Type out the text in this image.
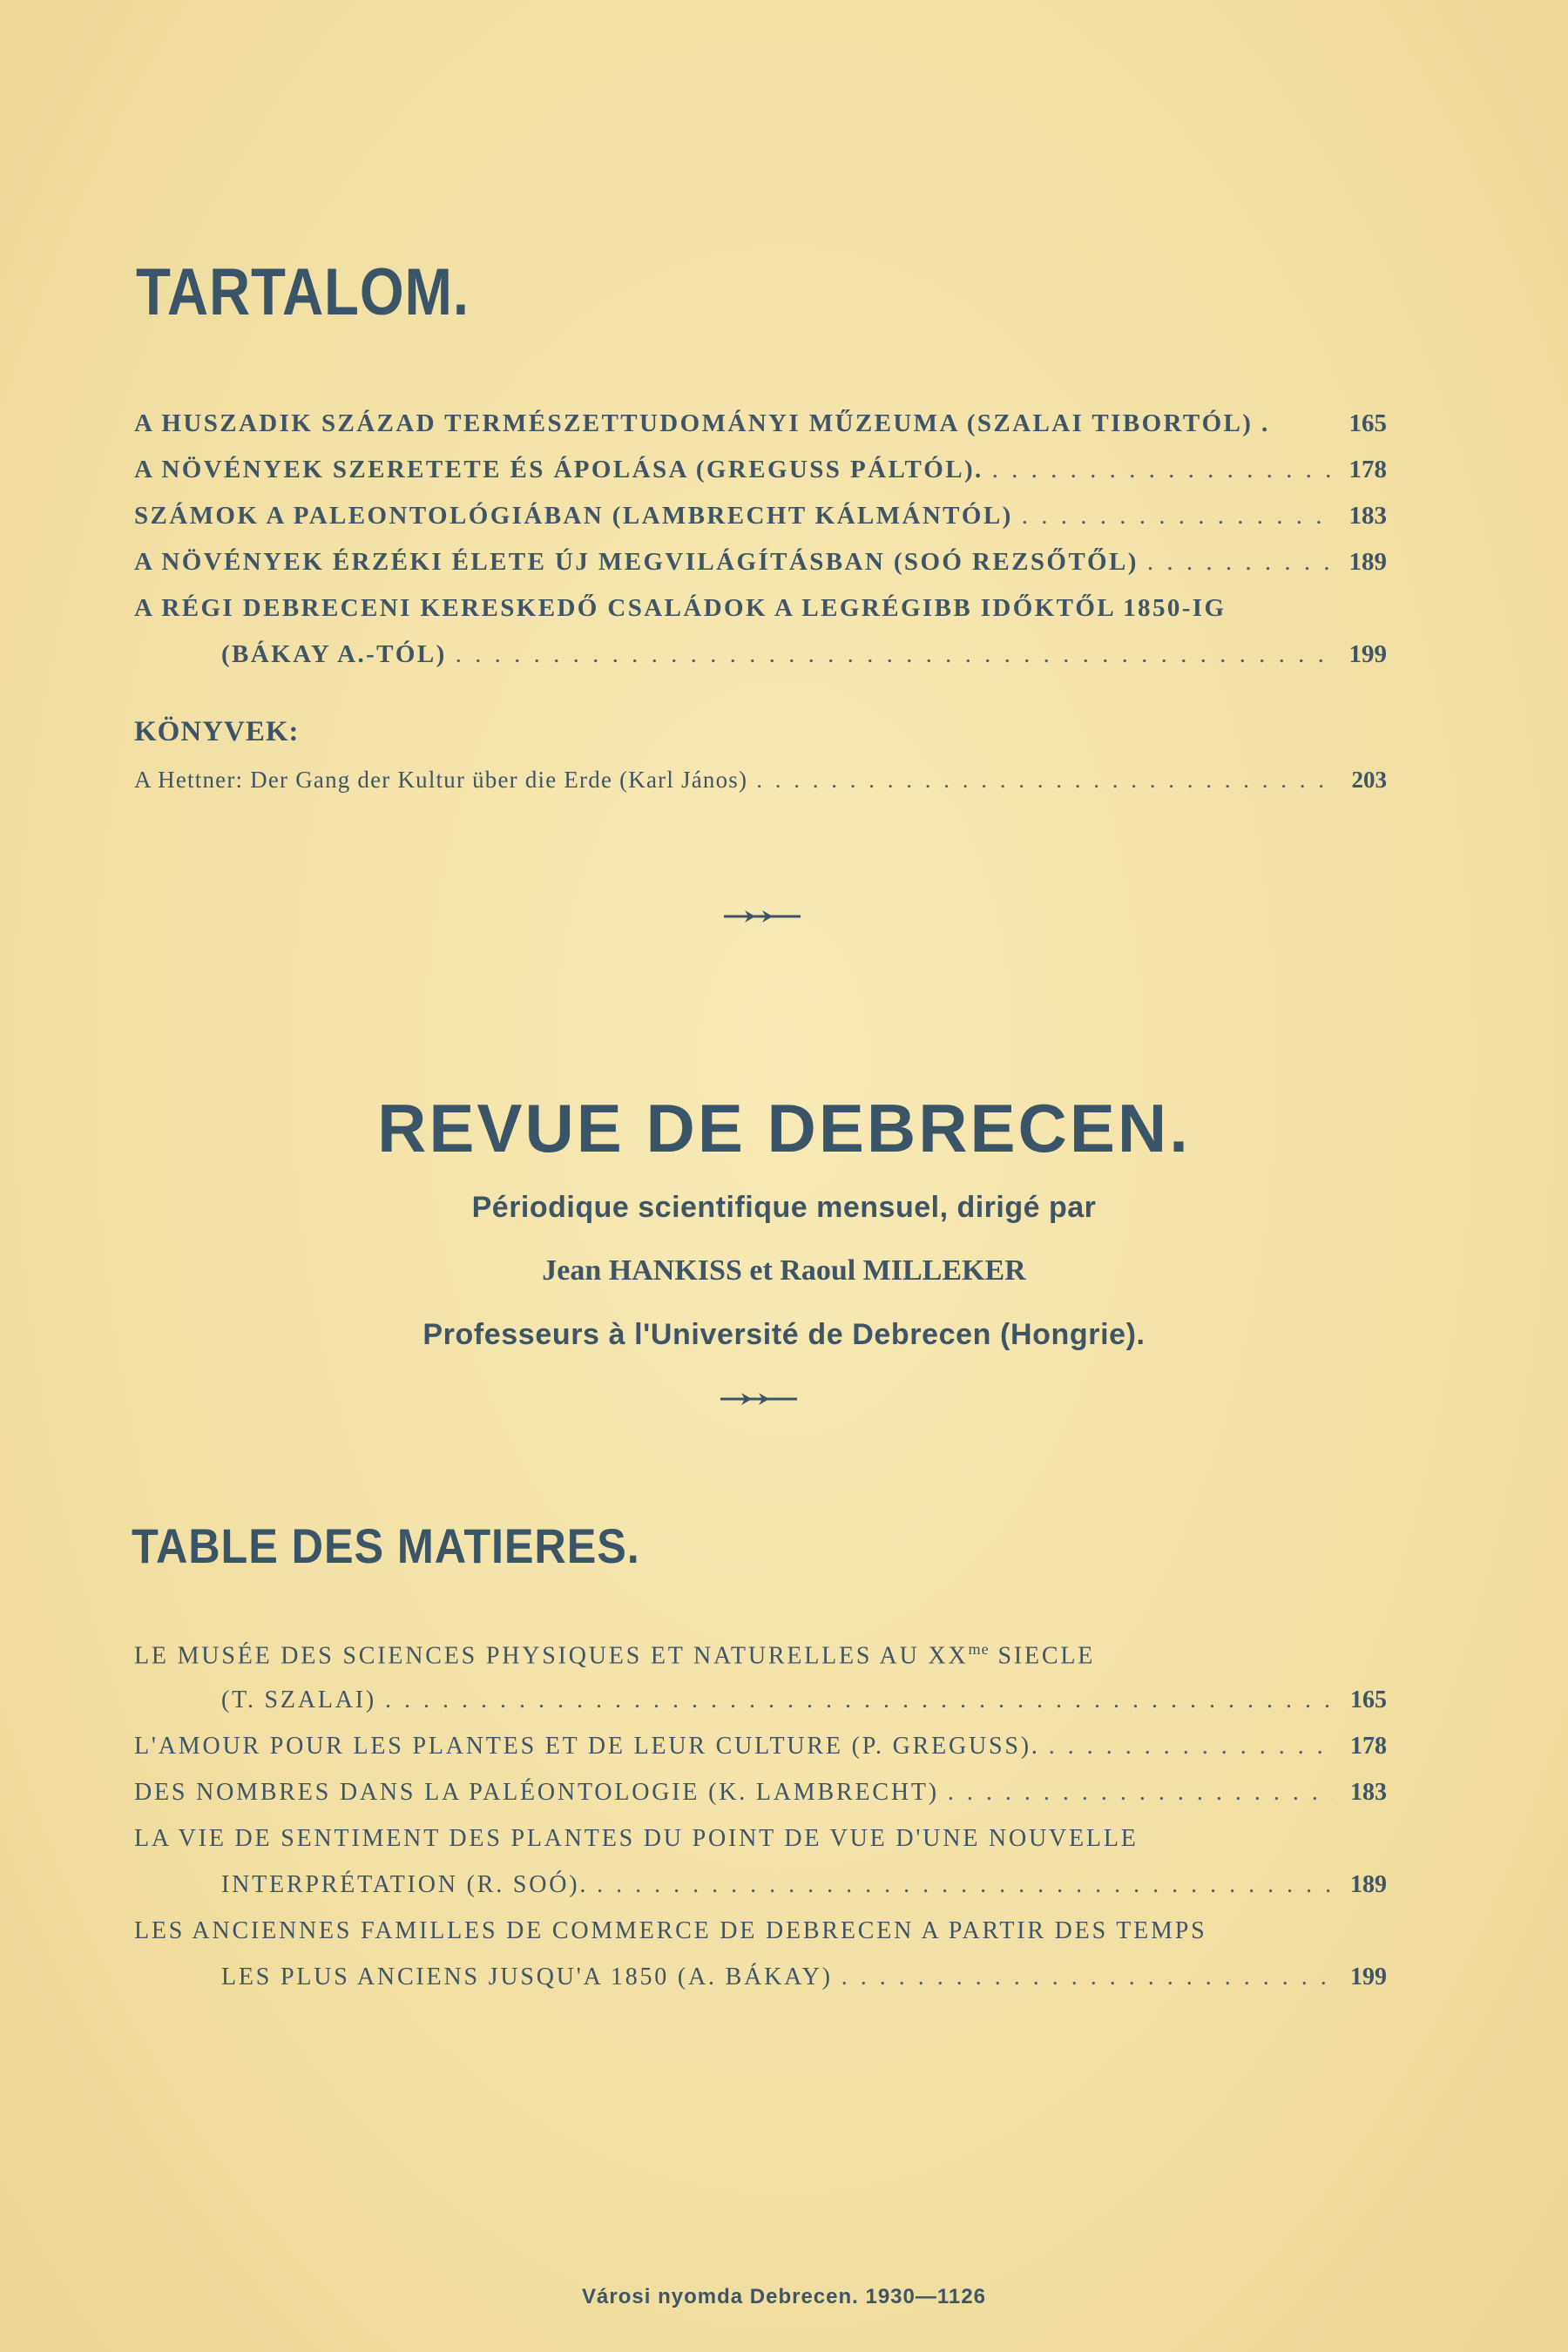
TARTALOM.
A HUSZADIK SZÁZAD TERMÉSZETTUDOMÁNYI MŰZEUMA (SZALAI TIBORTÓL) .	165
A NÖVÉNYEK SZERETETE ÉS ÁPOLÁSA (GREGUSS PÁLTÓL). . . .	178
SZÁMOK A PALEONTOLÓGIÁBAN (LAMBRECHT KÁLMÁNTÓL) . . .	183
A NÖVÉNYEK ÉRZÉKI ÉLETE ÚJ MEGVILÁGÍTÁSBAN (SOÓ REZSŐTŐL) . . .	189
A RÉGI DEBRECENI KERESKEDŐ CSALÁDOK A LEGRÉGIBB IDŐKTŐL 1850-IG
(BÁKAY A.-TÓL) . . .	199
KÖNYVEK:
A Hettner: Der Gang der Kultur über die Erde (Karl János) . . .	203
REVUE DE DEBRECEN.

Périodique scientifique mensuel, dirigé par

Jean HANKISS et Raoul MILLEKER

Professeurs à l'Université de Debrecen (Hongrie).

TABLE DES MATIERES.
LE MUSÉE DES SCIENCES PHYSIQUES ET NATURELLES AU $XX^{me}$ SIECLE
(T. SZALAI) . . .	165
L'AMOUR POUR LES PLANTES ET DE LEUR CULTURE (P. GREGUSS). . . .	178
DES NOMBRES DANS LA PALÉONTOLOGIE (K. LAMBRECHT) . . .	183
LA VIE DE SENTIMENT DES PLANTES DU POINT DE VUE D'UNE NOUVELLE
INTERPRÉTATION (R. SOÓ). . . .	189
LES ANCIENNES FAMILLES DE COMMERCE DE DEBRECEN A PARTIR DES TEMPS
LES PLUS ANCIENS JUSQU'A 1850 (A. BÁKAY) . . .	199

Városi nyomda Debrecen. 1930—1126
